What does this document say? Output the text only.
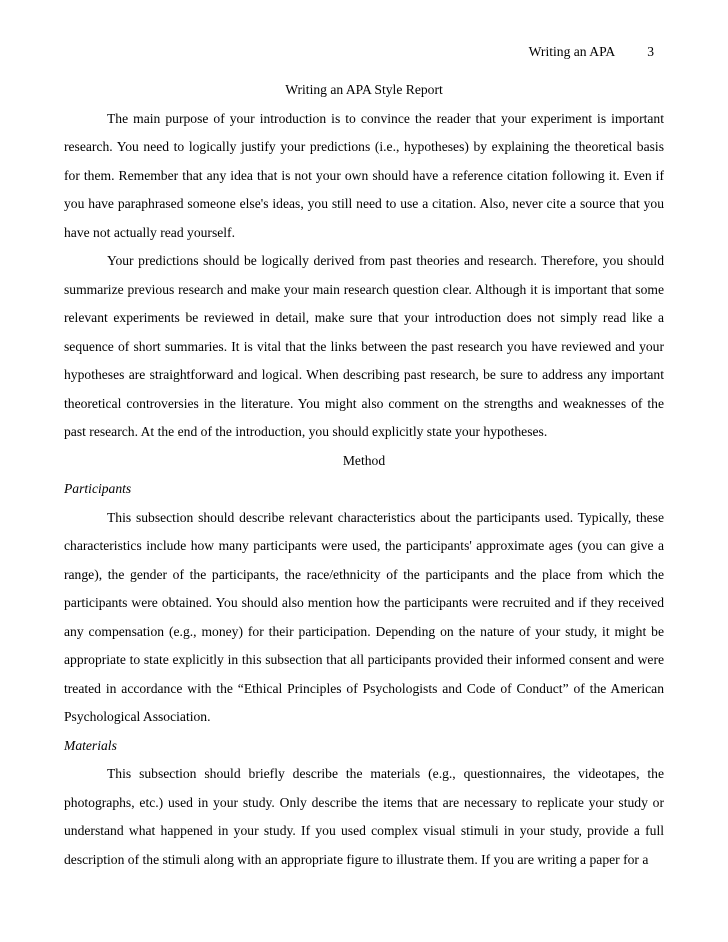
Writing an APA 3
Writing an APA Style Report

The main purpose of your introduction is to convince the reader that your experiment is important research. You need to logically justify your predictions (i.e., hypotheses) by explaining the theoretical basis for them. Remember that any idea that is not your own should have a reference citation following it. Even if you have paraphrased someone else's ideas, you still need to use a citation. Also, never cite a source that you have not actually read yourself.

Your predictions should be logically derived from past theories and research. Therefore, you should summarize previous research and make your main research question clear. Although it is important that some relevant experiments be reviewed in detail, make sure that your introduction does not simply read like a sequence of short summaries. It is vital that the links between the past research you have reviewed and your hypotheses are straightforward and logical. When describing past research, be sure to address any important theoretical controversies in the literature. You might also comment on the strengths and weaknesses of the past research. At the end of the introduction, you should explicitly state your hypotheses.

Method
Participants

This subsection should describe relevant characteristics about the participants used. Typically, these characteristics include how many participants were used, the participants' approximate ages (you can give a range), the gender of the participants, the race/ethnicity of the participants and the place from which the participants were obtained. You should also mention how the participants were recruited and if they received any compensation (e.g., money) for their participation. Depending on the nature of your study, it might be appropriate to state explicitly in this subsection that all participants provided their informed consent and were treated in accordance with the “Ethical Principles of Psychologists and Code of Conduct” of the American Psychological Association.

Materials

This subsection should briefly describe the materials (e.g., questionnaires, the videotapes, the photographs, etc.) used in your study. Only describe the items that are necessary to replicate your study or understand what happened in your study. If you used complex visual stimuli in your study, provide a full description of the stimuli along with an appropriate figure to illustrate them. If you are writing a paper for a
